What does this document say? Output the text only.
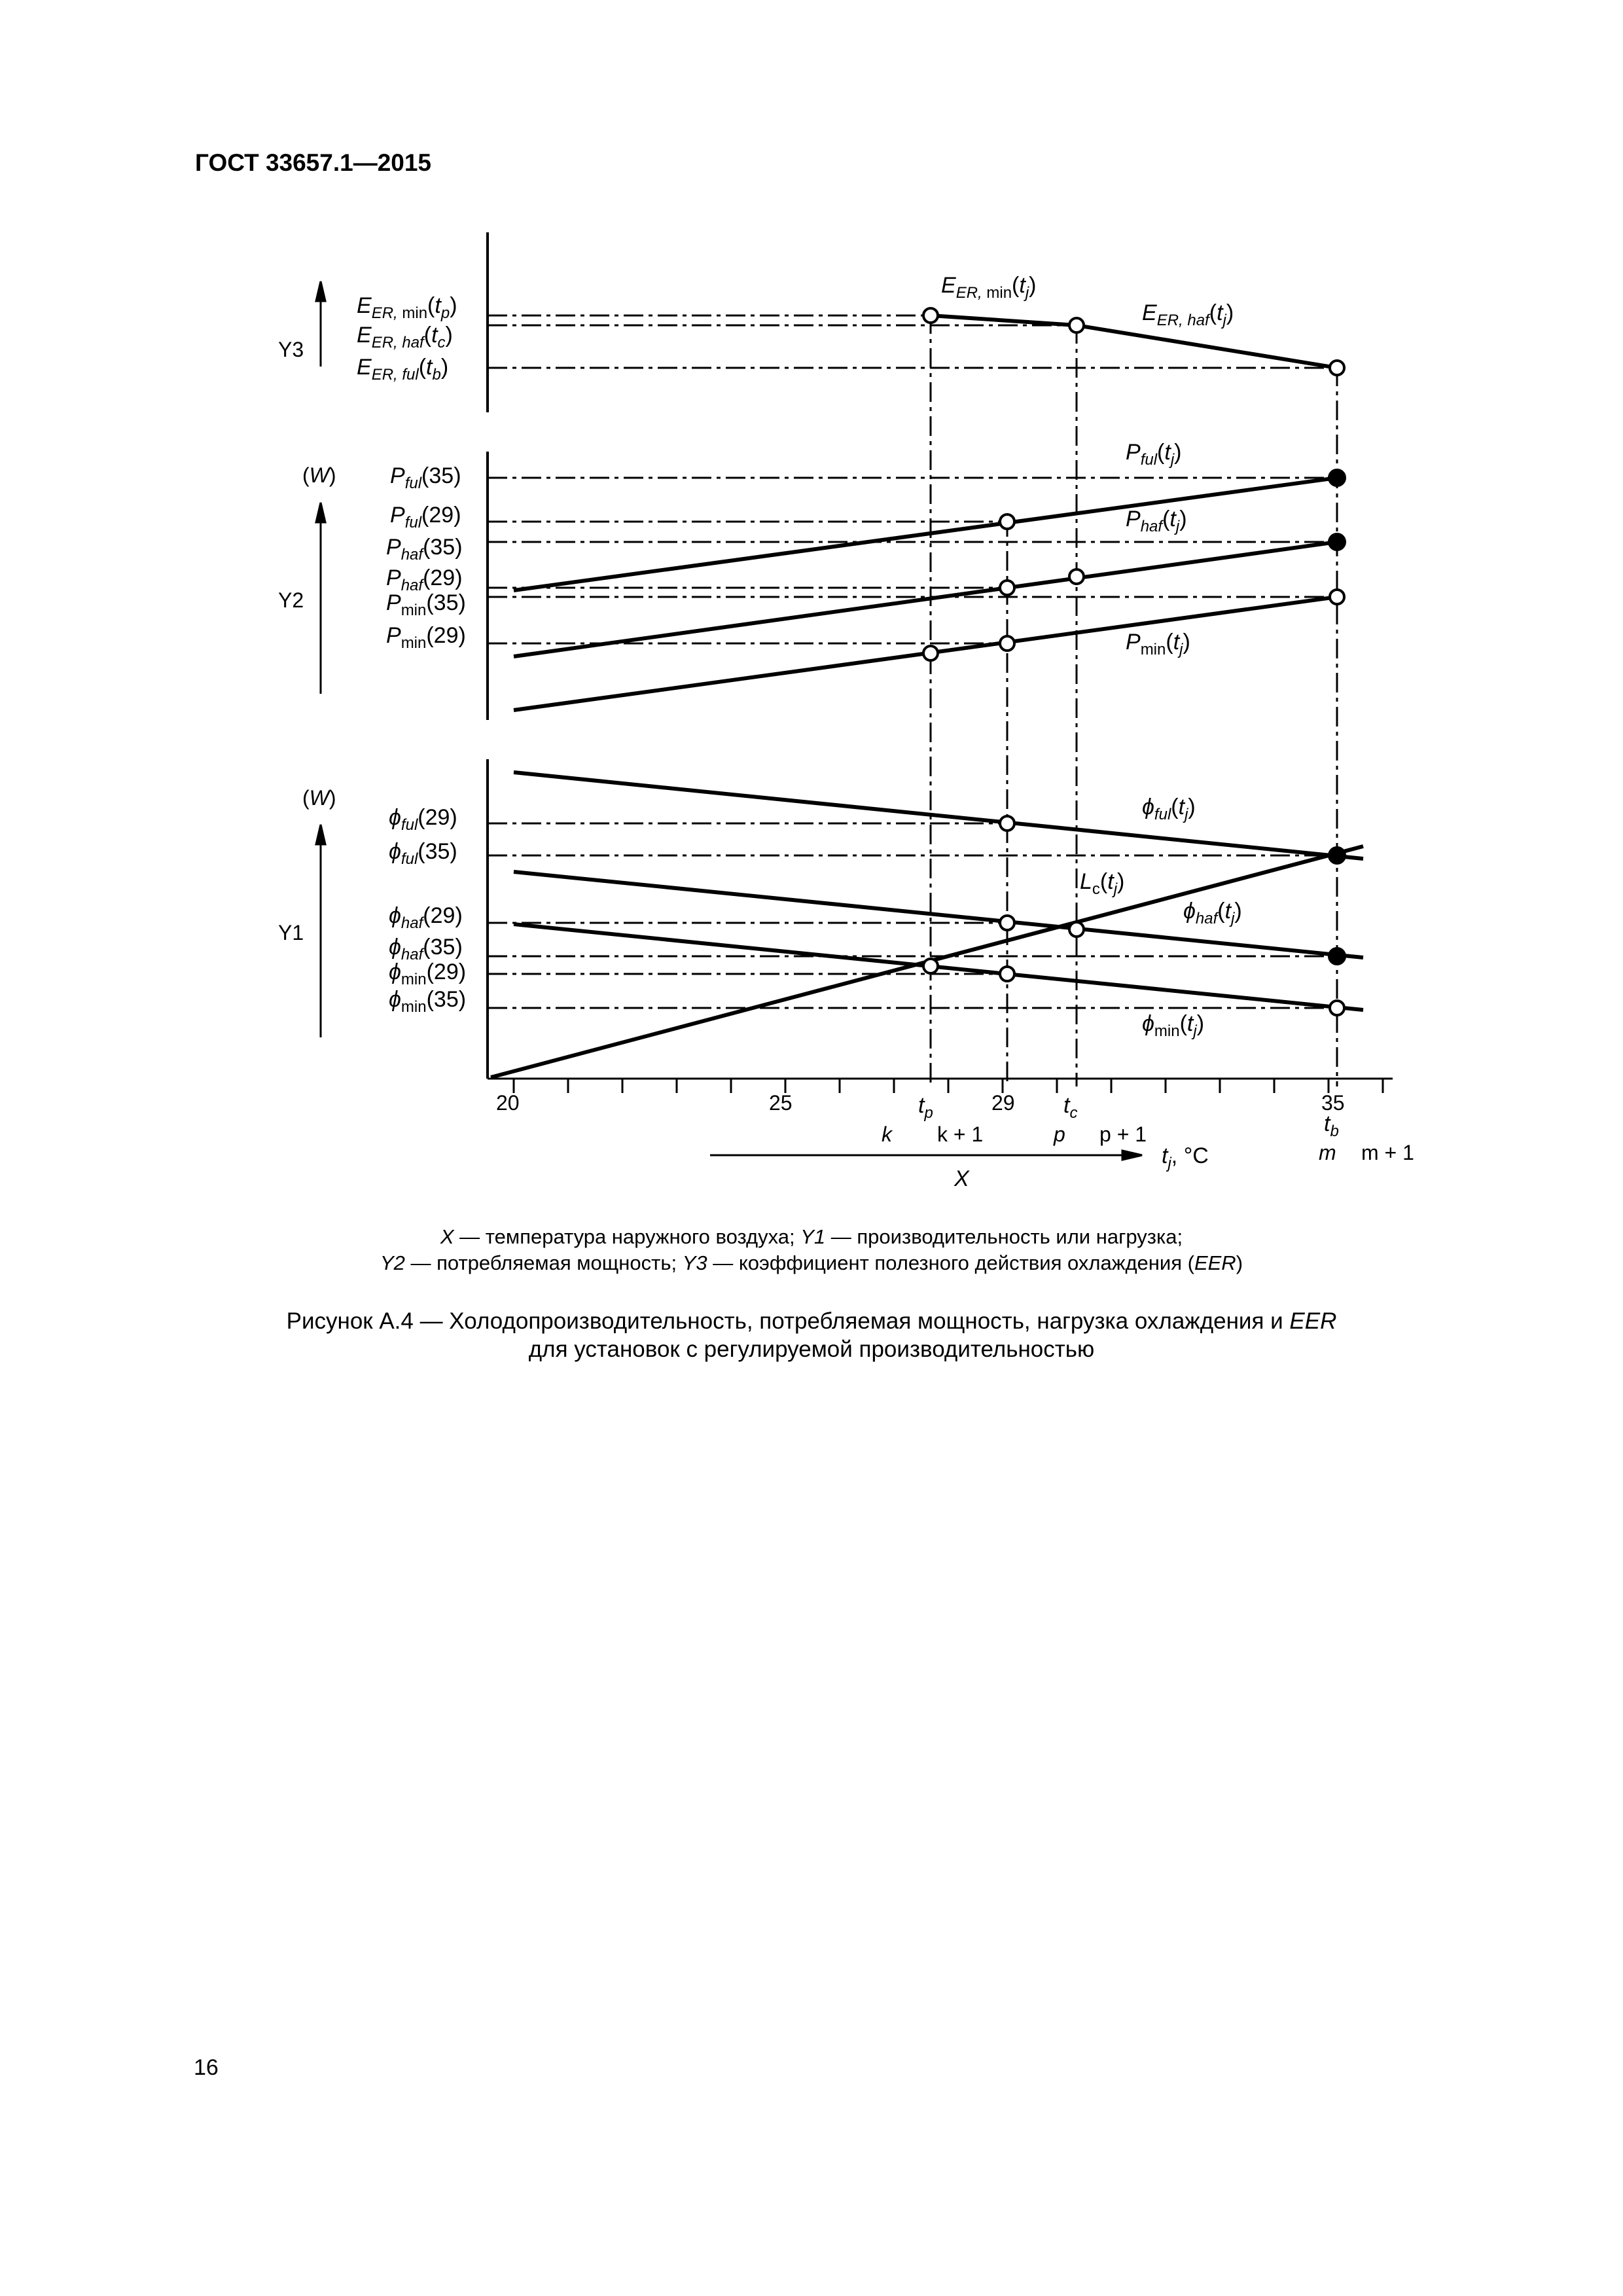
ГОСТ 33657.1—2015
Y3
Y2
Y1
(W)
(W)
$E_{ER,}$ $\min(t_p)$
$E_{ER, haf}(t_c)$
$E_{ER, ful}(t_b)$
$P_{ful}(35)$
$P_{ful}(29)$
$P_{haf}(35)$
$P_{haf}(29)$
$P_{min}(35)$
$P_{min}(29)$
$\phi_{ful}(29)$
$\phi_{ful}(35)$
$\phi_{haf}(29)$
$\phi_{haf}(35)$
$\phi_{min}(29)$
$\phi_{min}(35)$
$E_{ER,}$ $\min(t_j)$
$E_{ER, haf}(t_j)$
$P_{ful}(t_j)$
$P_{haf}(t_j)$
$P_{min}(t_j)$
$\phi_{ful}(t_j)$
$L_c(t_j)$
$\phi_{haf}(t_j)$
$\phi_{min}(t_j)$
20	25	29	35
$t_p$	$t_c$	$t_b$
k k + 1	p p + 1
m m + 1
$t_j$, °C
X
X — температура наружного воздуха; Y1 — производительность или нагрузка;
Y2 — потребляемая мощность; Y3 — коэффициент полезного действия охлаждения (EER)
Рисунок А.4 — Холодопроизводительность, потребляемая мощность, нагрузка охлаждения и EER
для установок с регулируемой производительностью
16
